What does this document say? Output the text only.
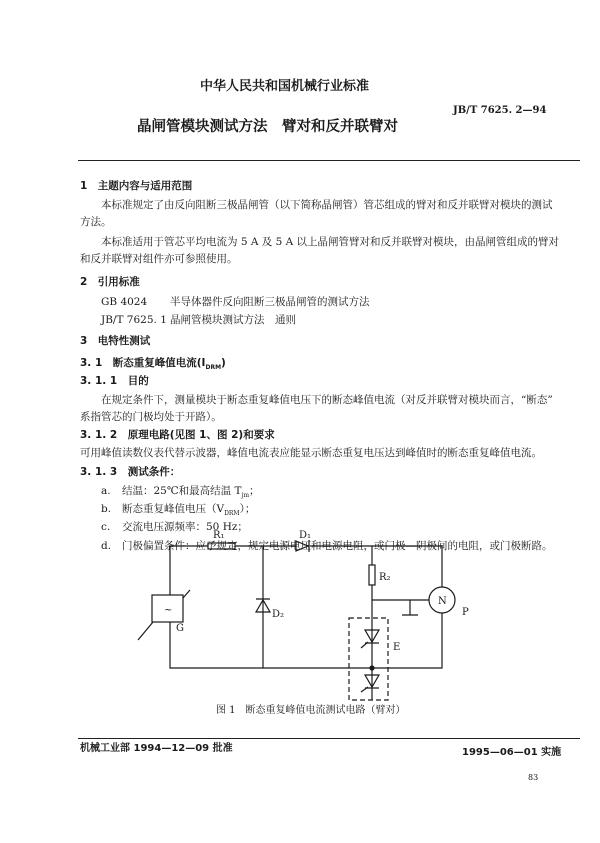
中华人民共和国机械行业标准
JB/T 7625. 2—94
晶闸管模块测试方法　臂对和反并联臂对
1　主题内容与适用范围
本标准规定了由反向阻断三极晶闸管（以下简称晶闸管）管芯组成的臂对和反并联臂对模块的测试
方法。
本标准适用于管芯平均电流为 5 A 及 5 A 以上晶闸管臂对和反并联臂对模块，由晶闸管组成的臂对
和反并联臂对组件亦可参照使用。
2　引用标准
GB 4024 半导体器件反向阻断三极晶闸管的测试方法
JB/T 7625. 1 晶闸管模块测试方法　通则
3　电特性测试
3. 1　断态重复峰值电流$(I_{DRM})$
3. 1. 1　目的
在规定条件下，测量模块于断态重复峰值电压下的断态峰值电流（对反并联臂对模块而言，“断态”
系指管芯的门极均处于开路）。
3. 1. 2　原理电路(见图 1、图 2)和要求
可用峰值读数仪表代替示波器，峰值电流表应能显示断态重复电压达到峰值时的断态重复峰值电流。
3. 1. 3　测试条件：
a. 结温：25℃和最高结温 $T_{jm}$；
b. 断态重复峰值电压$(V_{DRM})$；
c. 交流电压源频率：50 Hz；
d. 门极偏置条件：应予规定，规定电源电压和电源电阻，或门极—阴极间的电阻，或门极断路。
R₁	D₁
R₂
D₂
G
~
N
P
E
图 1　断态重复峰值电流测试电路（臂对）
机械工业部 1994—12—09 批准	1995—06—01 实施
83
